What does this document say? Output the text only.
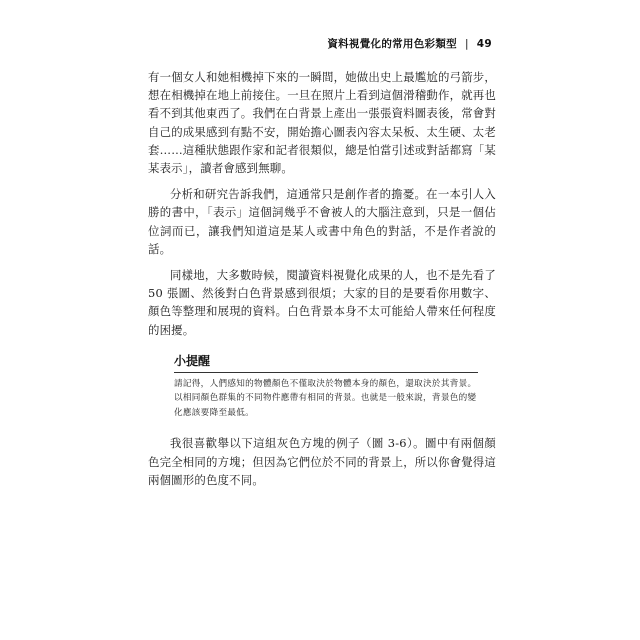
資料視覺化的常用色彩類型 | 49

有一個女人和她相機掉下來的一瞬間，她做出史上最尷尬的弓箭步，想在相機掉在地上前接住。一旦在照片上看到這個滑稽動作，就再也看不到其他東西了。我們在白背景上產出一張張資料圖表後，常會對自己的成果感到有點不安，開始擔心圖表內容太呆板、太生硬、太老套……這種狀態跟作家和記者很類似，總是怕當引述或對話都寫「某某表示」，讀者會感到無聊。

分析和研究告訴我們，這通常只是創作者的擔憂。在一本引人入勝的書中，「表示」這個詞幾乎不會被人的大腦注意到，只是一個佔位詞而已，讓我們知道這是某人或書中角色的對話，不是作者說的話。

同樣地，大多數時候，閱讀資料視覺化成果的人，也不是先看了 50 張圖、然後對白色背景感到很煩；大家的目的是要看你用數字、顏色等整理和展現的資料。白色背景本身不太可能給人帶來任何程度的困擾。

小提醒

請記得，人們感知的物體顏色不僅取決於物體本身的顏色，還取決於其背景。以相同顏色群集的不同物件應帶有相同的背景。也就是一般來說，背景色的變化應該要降至最低。

我很喜歡舉以下這組灰色方塊的例子（圖 3-6）。圖中有兩個顏色完全相同的方塊；但因為它們位於不同的背景上，所以你會覺得這兩個圖形的色度不同。
